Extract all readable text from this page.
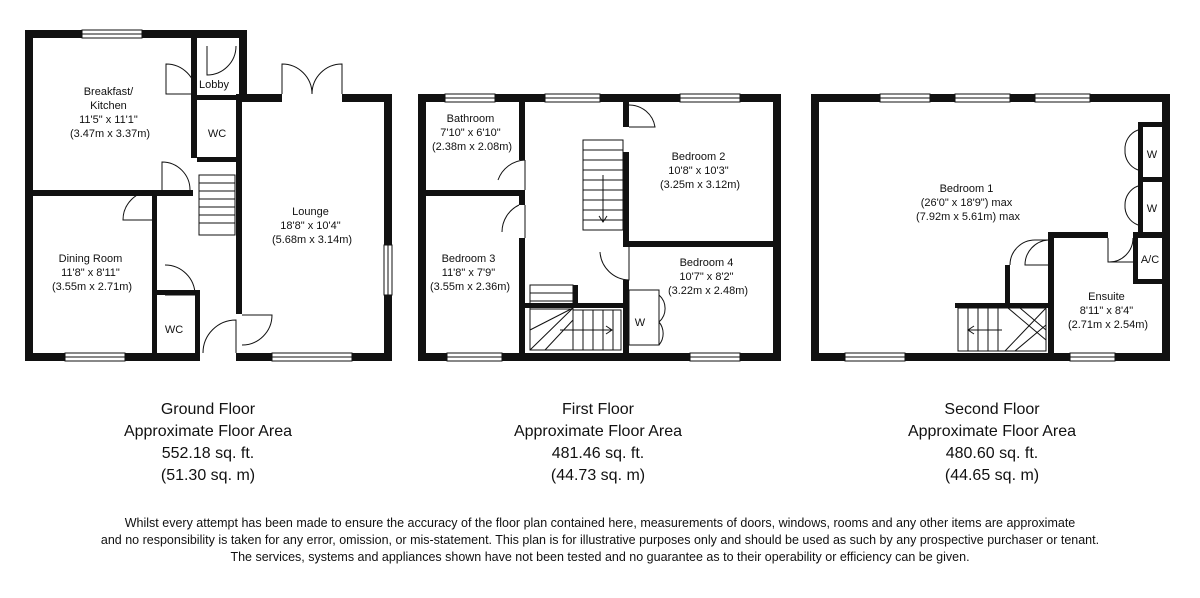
Breakfast/ Kitchen 11'5" x 11'1" (3.47m x 3.37m)
Lobby
WC
Lounge 18'8" x 10'4" (5.68m x 3.14m)
Dining Room 11'8" x 8'11" (3.55m x 2.71m)
WC
W
Bathroom 7'10" x 6'10" (2.38m x 2.08m)
Bedroom 2 10'8" x 10'3" (3.25m x 3.12m)
Bedroom 3 11'8" x 7'9" (3.55m x 2.36m)
Bedroom 4 10'7" x 8'2" (3.22m x 2.48m)
Bedroom 1 (26'0" x 18'9") max (7.92m x 5.61m) max
W
W
A/C
Ensuite 8'11" x 8'4" (2.71m x 2.54m)
Ground Floor
Approximate Floor Area
552.18 sq. ft.
(51.30 sq. m)
First Floor
Approximate Floor Area
481.46 sq. ft.
(44.73 sq. m)
Second Floor
Approximate Floor Area
480.60 sq. ft.
(44.65 sq. m)
Whilst every attempt has been made to ensure the accuracy of the floor plan contained here, measurements of doors, windows, rooms and any other items are approximate
and no responsibility is taken for any error, omission, or mis-statement. This plan is for illustrative purposes only and should be used as such by any prospective purchaser or tenant.
The services, systems and appliances shown have not been tested and no guarantee as to their operability or efficiency can be given.
